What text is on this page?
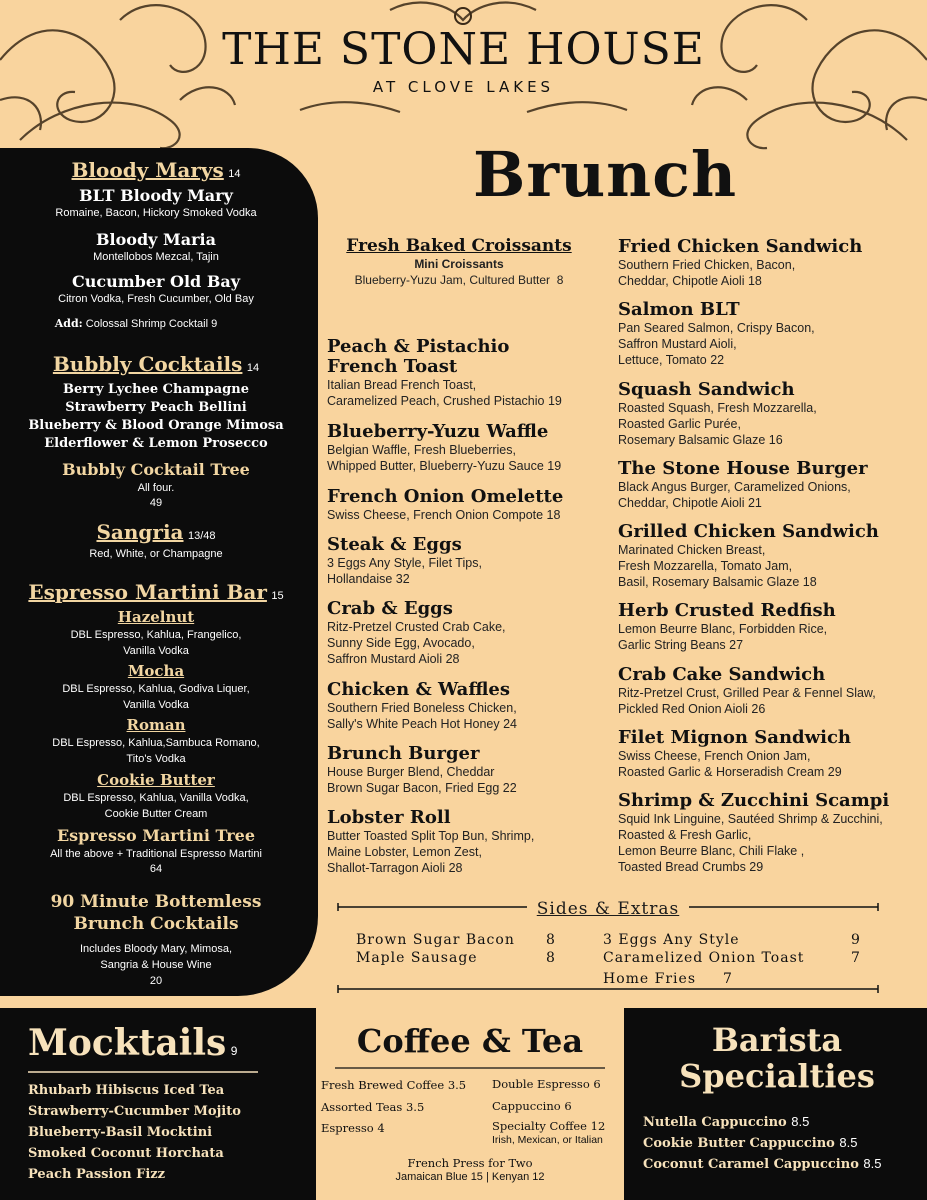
THE STONE HOUSE
AT CLOVE LAKES
Brunch
Bloody Marys 14
BLT Bloody Mary
Romaine, Bacon, Hickory Smoked Vodka
Bloody Maria
Montellobos Mezcal, Tajin
Cucumber Old Bay
Citron Vodka, Fresh Cucumber, Old Bay
Add: Colossal Shrimp Cocktail 9
Bubbly Cocktails 14
Berry Lychee Champagne
Strawberry Peach Bellini
Blueberry & Blood Orange Mimosa
Elderflower & Lemon Prosecco
Bubbly Cocktail Tree
All four.
49
Sangria 13/48
Red, White, or Champagne
Espresso Martini Bar 15
Hazelnut
DBL Espresso, Kahlua, Frangelico,
Vanilla Vodka
Mocha
DBL Espresso, Kahlua, Godiva Liquer,
Vanilla Vodka
Roman
DBL Espresso, Kahlua,Sambuca Romano,
Tito's Vodka
Cookie Butter
DBL Espresso, Kahlua, Vanilla Vodka,
Cookie Butter Cream
Espresso Martini Tree
All the above + Traditional Espresso Martini
64
90 Minute Bottemless
Brunch Cocktails
Includes Bloody Mary, Mimosa,
Sangria & House Wine
20
Fresh Baked Croissants
Mini Croissants
Blueberry-Yuzu Jam, Cultured Butter 8
Peach & Pistachio
French Toast
Italian Bread French Toast,
Caramelized Peach, Crushed Pistachio 19
Blueberry-Yuzu Waffle
Belgian Waffle, Fresh Blueberries,
Whipped Butter, Blueberry-Yuzu Sauce 19
French Onion Omelette
Swiss Cheese, French Onion Compote 18
Steak & Eggs
3 Eggs Any Style, Filet Tips,
Hollandaise 32
Crab & Eggs
Ritz-Pretzel Crusted Crab Cake,
Sunny Side Egg, Avocado,
Saffron Mustard Aioli 28
Chicken & Waffles
Southern Fried Boneless Chicken,
Sally's White Peach Hot Honey 24
Brunch Burger
House Burger Blend, Cheddar
Brown Sugar Bacon, Fried Egg 22
Lobster Roll
Butter Toasted Split Top Bun, Shrimp,
Maine Lobster, Lemon Zest,
Shallot-Tarragon Aioli 28
Fried Chicken Sandwich
Southern Fried Chicken, Bacon,
Cheddar, Chipotle Aioli 18
Salmon BLT
Pan Seared Salmon, Crispy Bacon,
Saffron Mustard Aioli,
Lettuce, Tomato 22
Squash Sandwich
Roasted Squash, Fresh Mozzarella,
Roasted Garlic Purée,
Rosemary Balsamic Glaze 16
The Stone House Burger
Black Angus Burger, Caramelized Onions,
Cheddar, Chipotle Aioli 21
Grilled Chicken Sandwich
Marinated Chicken Breast,
Fresh Mozzarella, Tomato Jam,
Basil, Rosemary Balsamic Glaze 18
Herb Crusted Redfish
Lemon Beurre Blanc, Forbidden Rice,
Garlic String Beans 27
Crab Cake Sandwich
Ritz-Pretzel Crust, Grilled Pear & Fennel Slaw,
Pickled Red Onion Aioli 26
Filet Mignon Sandwich
Swiss Cheese, French Onion Jam,
Roasted Garlic & Horseradish Cream 29
Shrimp & Zucchini Scampi
Squid Ink Linguine, Sautéed Shrimp & Zucchini,
Roasted & Fresh Garlic,
Lemon Beurre Blanc, Chili Flake ,
Toasted Bread Crumbs 29
Sides & Extras
Brown Sugar Bacon 8
Maple Sausage	8
3 Eggs Any Style	9
Caramelized Onion Toast	7
Home Fries 7
Mocktails 9
Rhubarb Hibiscus Iced Tea
Strawberry-Cucumber Mojito
Blueberry-Basil Mocktini
Smoked Coconut Horchata
Peach Passion Fizz
Coffee & Tea
Fresh Brewed Coffee 3.5
Assorted Teas 3.5
Espresso 4
Double Espresso 6
Cappuccino 6
Specialty Coffee 12
Irish, Mexican, or Italian
French Press for Two
Jamaican Blue 15 | Kenyan 12
Barista
Specialties
Nutella Cappuccino 8.5
Cookie Butter Cappuccino 8.5
Coconut Caramel Cappuccino 8.5
